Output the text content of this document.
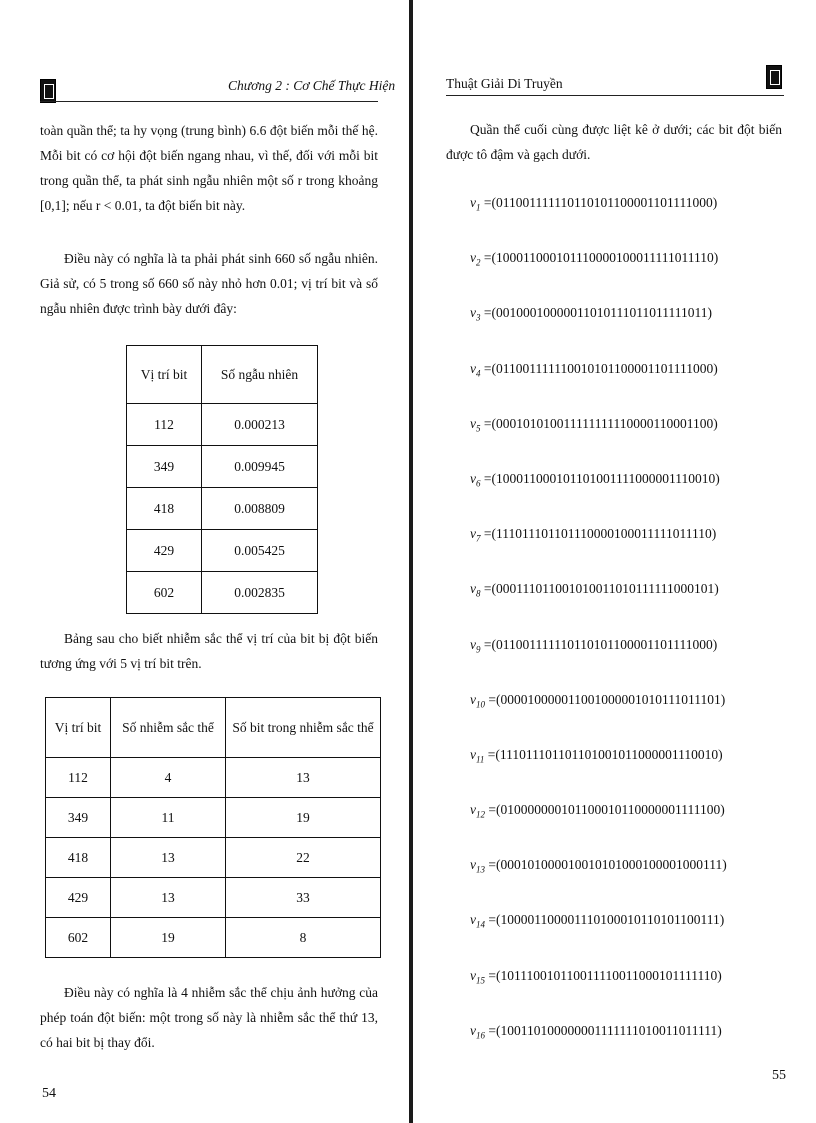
Chương 2 : Cơ Chế Thực Hiện
toàn quần thể; ta hy vọng (trung bình) 6.6 đột biến mỗi thế hệ. Mỗi bit có cơ hội đột biến ngang nhau, vì thế, đối với mỗi bit trong quần thể, ta phát sinh ngẫu nhiên một số r trong khoảng [0,1]; nếu r < 0.01, ta đột biến bit này.
Điều này có nghĩa là ta phải phát sinh 660 số ngẫu nhiên. Giả sử, có 5 trong số 660 số này nhỏ hơn 0.01; vị trí bit và số ngẫu nhiên được trình bày dưới đây:
Vị trí bit	Số ngẫu nhiên
112	0.000213
349	0.009945
418	0.008809
429	0.005425
602	0.002835
Bảng sau cho biết nhiễm sắc thể vị trí của bit bị đột biến tương ứng với 5 vị trí bit trên.
Vị trí bit	Số nhiễm sắc thể	Số bit trong nhiễm sắc thể
112	4	13
349	11	19
418	13	22
429	13	33
602	19	8
Điều này có nghĩa là 4 nhiễm sắc thể chịu ảnh hưởng của phép toán đột biến: một trong số này là nhiễm sắc thể thứ 13, có hai bit bị thay đổi.
54
Thuật Giải Di Truyền
Quần thể cuối cùng được liệt kê ở dưới; các bit đột biến được tô đậm và gạch dưới.
$v_1$ =(01100111111011010110000110111100​0)
$v_2$ =(1000110001011100001000111110111​10)
$v_3$ =(0010001000001101011101101111101​1)
$v_4 =(011001111110010101100001101111000)$
$v_5 =(000101010011111111110000110001100)$
$v_6 =(100011000101101001111000001110010)$
$v_7 =(111011101101110000100011111011110)$
$v_8 =(000111011001010011010111111000101)$
$v_9 =(011001111110110101100001101111000)$
$v_{10} =(000010000011001000001010111011101)$
$v_{11} =(111011101101101001011000001110010)$
$v_{12} =(010000000101100010110000001111100)$
$v_{13} =(000101000010010101000100001000111)$
$v_{14} =(100001100001110100010110101100111)$
$v_{15} =(101110010110011110011000101111110)$
$v_{16} =(100110100000001111111010011011111)$
55
